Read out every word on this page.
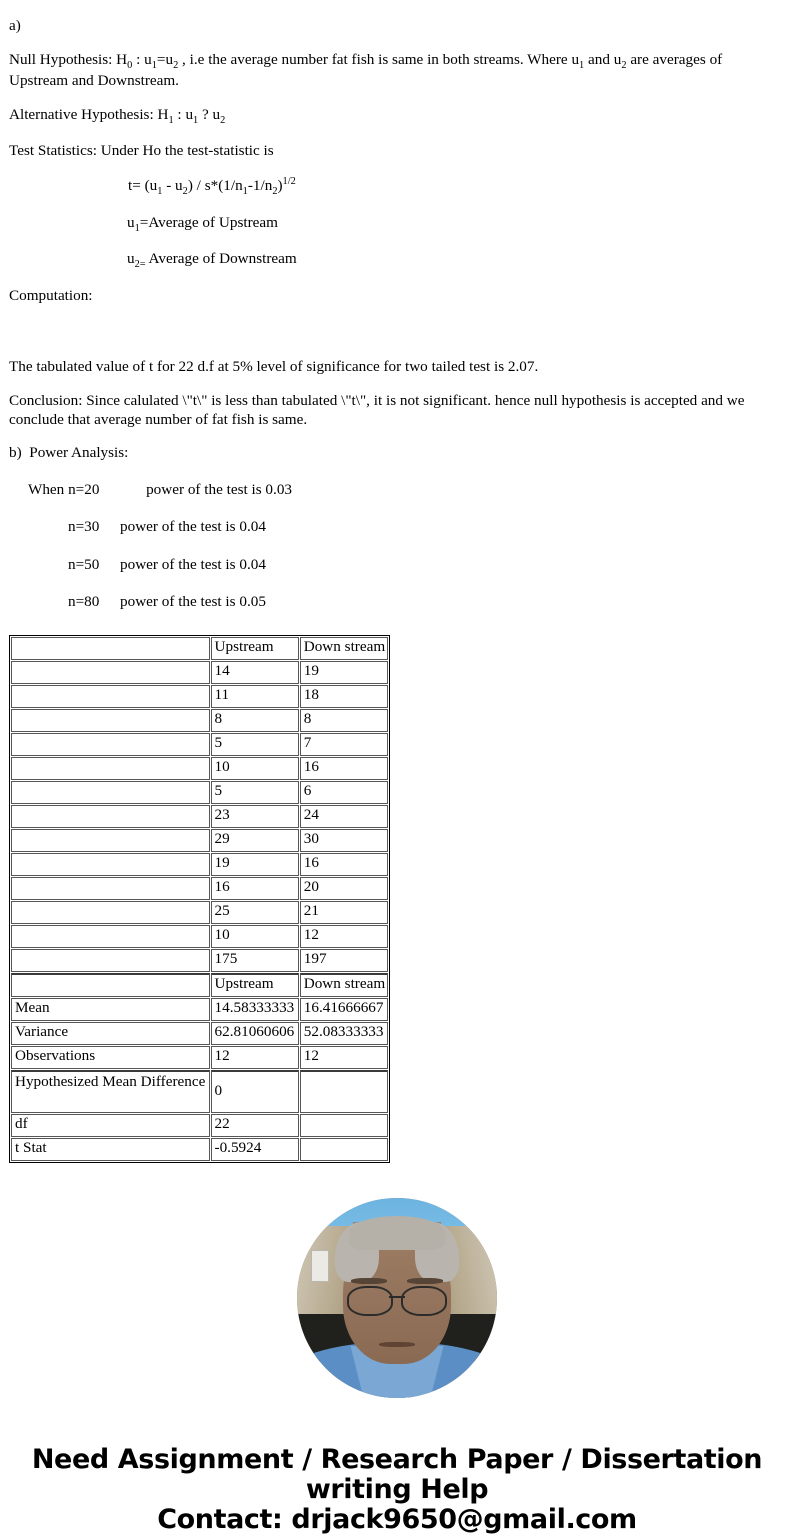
a)

Null Hypothesis: $H_0$ : $u_1=u_2$ , i.e the average number fat fish is same in both streams. Where $u_1$ and $u_2$ are averages of Upstream and Downstream.

Alternative Hypothesis: $H_1$ : $u_1$ ? $u_2$

Test Statistics: Under Ho the test-statistic is

$t= (u_1 - u_2) / s*(1/n_1-1/n_2)^{1/2}$

$u_1=Average$ of Upstream

$u_{2=}$ Average of Downstream

Computation:

The tabulated value of t for 22 d.f at 5% level of significance for two tailed test is 2.07.

Conclusion: Since calulated \"t\" is less than tabulated \"t\", it is not significant. hence null hypothesis is accepted and we conclude that average number of fat fish is same.

b) Power Analysis:

When n=20	power of the test is 0.03

n=30 power of the test is 0.04

n=50 power of the test is 0.04

n=80 power of the test is 0.05

	Upstream	Down stream
	14	19
	11	18
	8	8
	5	7
	10	16
	5	6
	23	24
	29	30
	19	16
	16	20
	25	21
	10	12
	175	197
	Upstream	Down stream
Mean	14.58333333	16.41666667
Variance	62.81060606	52.08333333
Observations	12	12
Hypothesized Mean Difference	0	
df	22	
t Stat	-0.5924	
Need Assignment / Research Paper / Dissertation
writing Help
Contact: drjack9650@gmail.com
